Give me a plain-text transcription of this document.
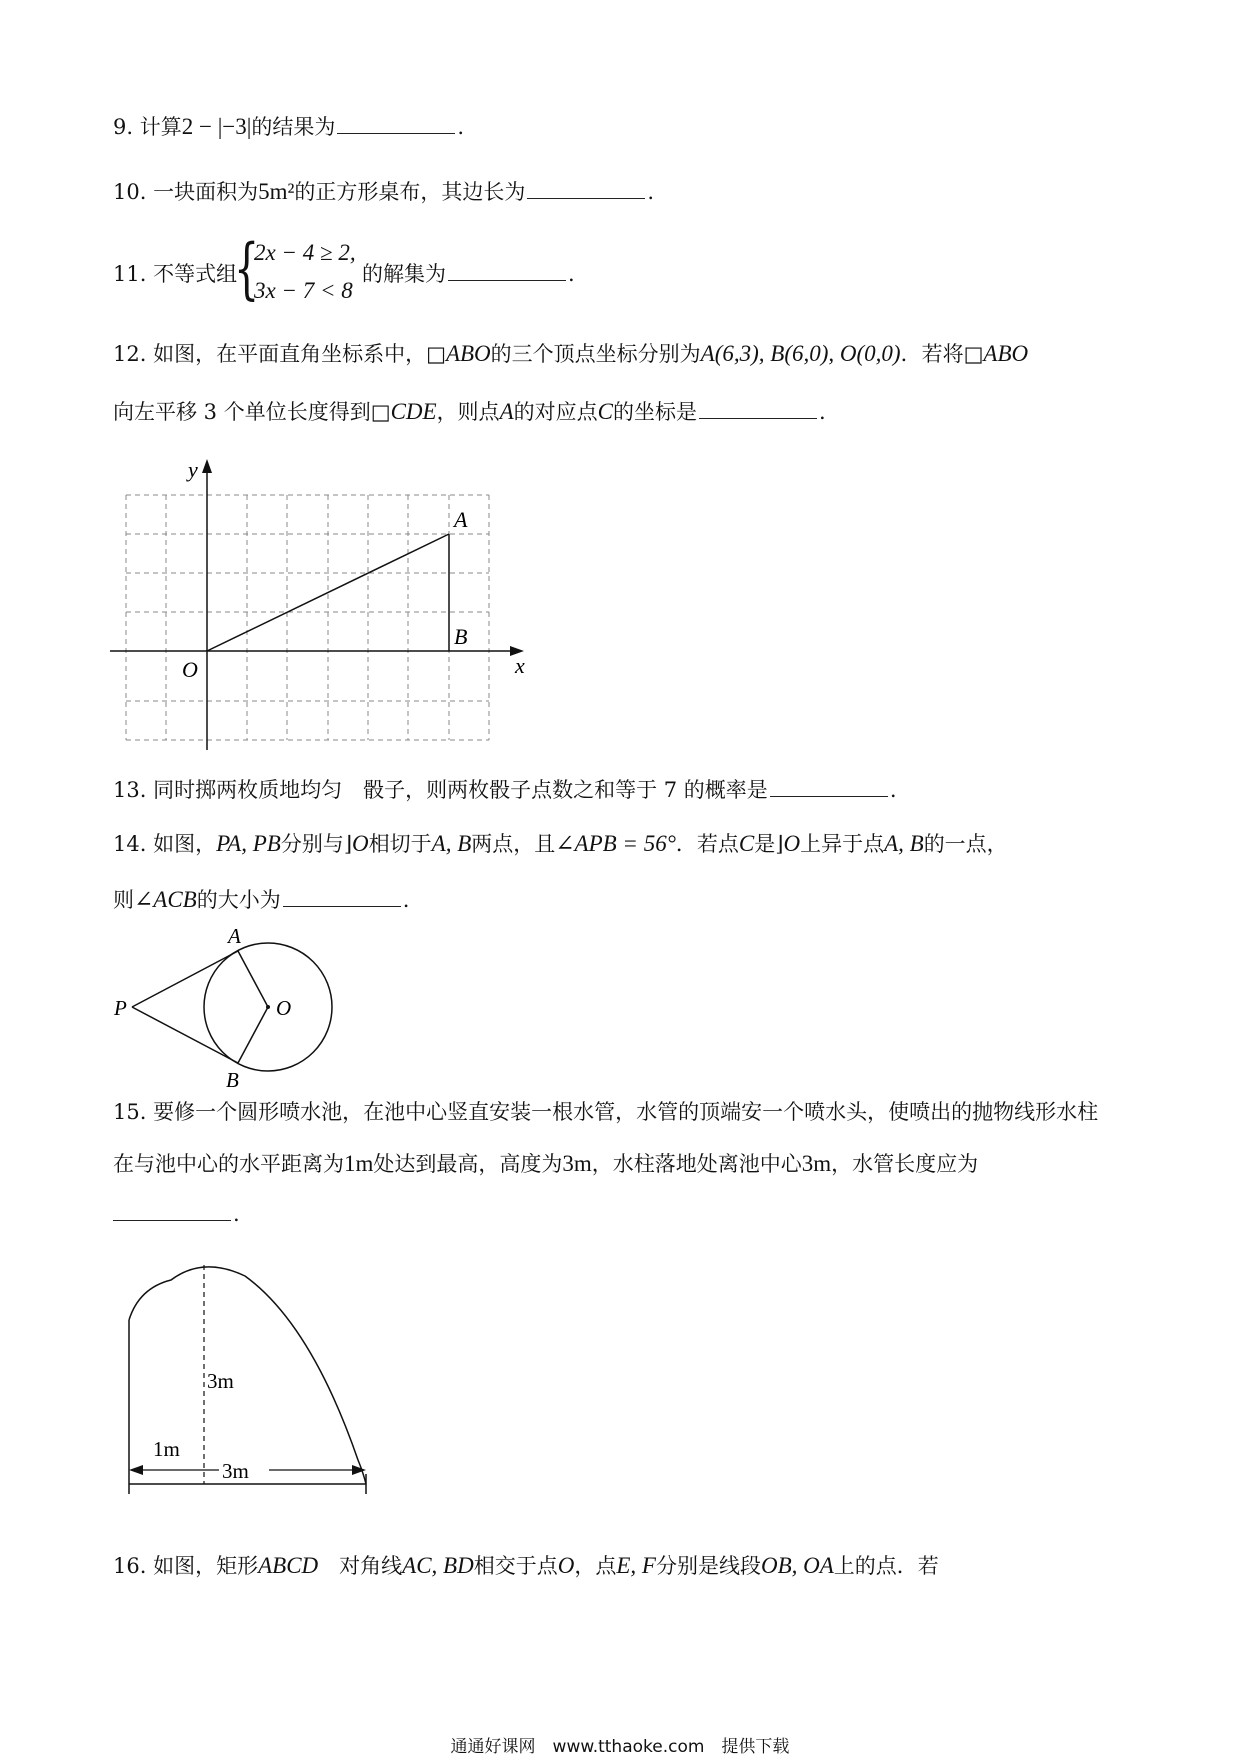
9. 计算2 − |−3|的结果为	.
10. 一块面积为5m²的正方形桌布，其边长为	.
11. 不等式组
{
2x − 4 ≥ 2,
3x − 7 < 8
的解集为	.
12. 如图，在平面直角坐标系中，□ABO的三个顶点坐标分别为A(6,3), B(6,0), O(0,0)．若将□ABO
向左平移 3 个单位长度得到□CDE，则点A的对应点C的坐标是	.
y
x
O
A
B
13. 同时掷两枚质地均匀　骰子，则两枚骰子点数之和等于 7 的概率是	.
14. 如图，PA, PB分别与⌋O相切于A, B两点，且∠APB = 56°．若点C是⌋O上异于点A, B的一点，
则∠ACB的大小为	.
P
A
B
O
15. 要修一个圆形喷水池，在池中心竖直安装一根水管，水管的顶端安一个喷水头，使喷出的抛物线形水柱
在与池中心的水平距离为1m处达到最高，高度为3m，水柱落地处离池中心3m，水管长度应为
.
3m
1m
3m
16. 如图，矩形ABCD　对角线AC, BD相交于点O，点E, F分别是线段OB, OA上的点．若
通通好课网　www.tthaoke.com　提供下载
